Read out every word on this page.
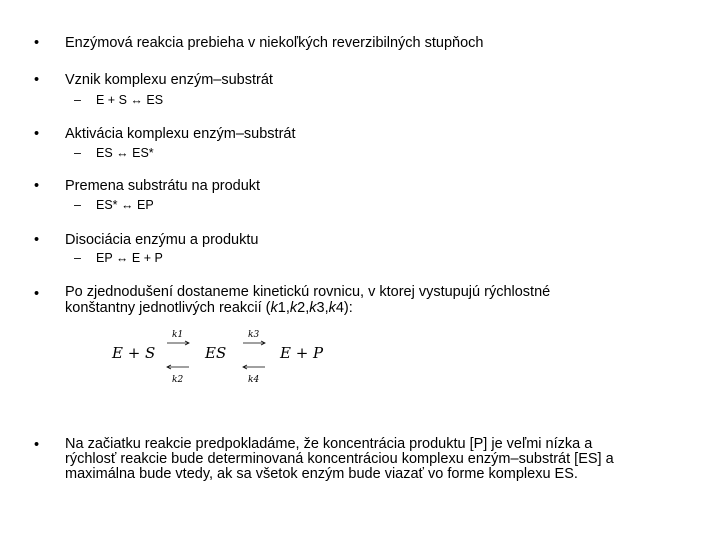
•	Enzýmová reakcia prebieha v niekoľkých reverzibilných stupňoch
•	Vznik komplexu enzým–substrát
– E + S ↔ ES
•	Aktivácia komplexu enzým–substrát
– ES ↔ ES*
•	Premena substrátu na produkt
– ES* ↔ EP
•	Disociácia enzýmu a produktu
– EP ↔ E + P
•	Po zjednodušení dostaneme kinetickú rovnicu, v ktorej vystupujú rýchlostné
konštantny jednotlivých reakcií (k1,k2,k3,k4):
E + S
k1
k2
ES
k3
k4
E + P
•	Na začiatku reakcie predpokladáme, že koncentrácia produktu [P] je veľmi nízka a
rýchlosť reakcie bude determinovaná koncentráciou komplexu enzým–substrát [ES] a
maximálna bude vtedy, ak sa všetok enzým bude viazať vo forme komplexu ES.
